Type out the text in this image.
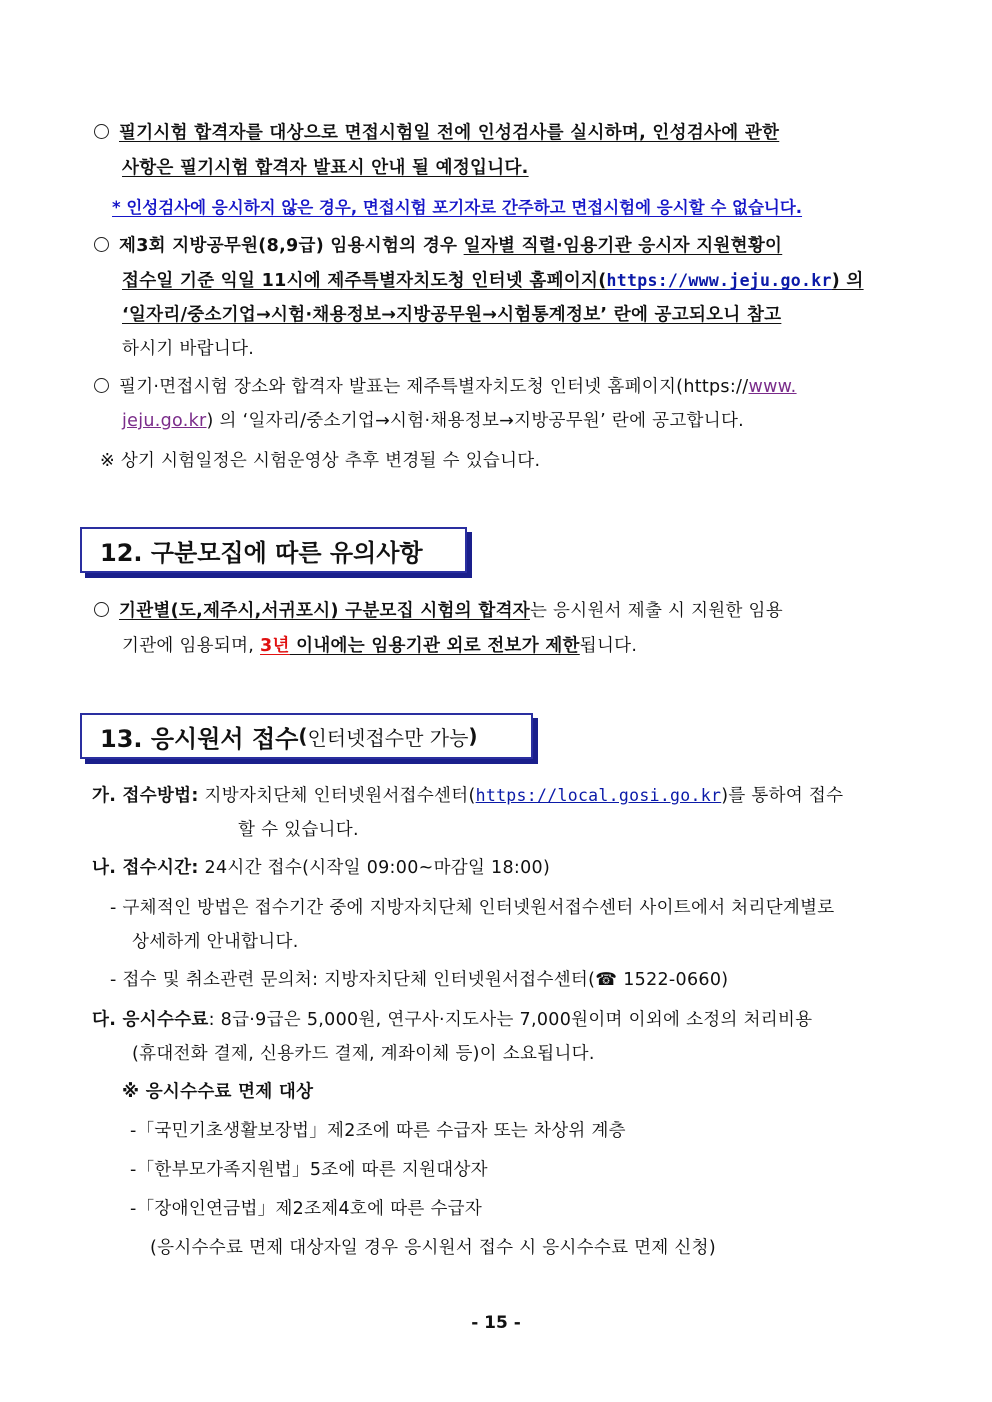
필기시험 합격자를 대상으로 면접시험일 전에 인성검사를 실시하며, 인성검사에 관한
사항은 필기시험 합격자 발표시 안내 될 예정입니다.
* 인성검사에 응시하지 않은 경우, 면접시험 포기자로 간주하고 면접시험에 응시할 수 없습니다.
제3회 지방공무원(8,9급) 임용시험의 경우 일자별 직렬·임용기관 응시자 지원현황이
접수일 기준 익일 11시에 제주특별자치도청 인터넷 홈페이지(https://www.jeju.go.kr) 의
‘일자리/중소기업→시험·채용정보→지방공무원→시험통계정보’ 란에 공고되오니 참고
하시기 바랍니다.
필기·면접시험 장소와 합격자 발표는 제주특별자치도청 인터넷 홈페이지(https://www.
jeju.go.kr) 의 ‘일자리/중소기업→시험·채용정보→지방공무원’ 란에 공고합니다.
※ 상기 시험일정은 시험운영상 추후 변경될 수 있습니다.
12. 구분모집에 따른 유의사항
기관별(도,제주시,서귀포시) 구분모집 시험의 합격자는 응시원서 제출 시 지원한 임용
기관에 임용되며, 3년 이내에는 임용기관 외로 전보가 제한됩니다.
13. 응시원서 접수 ( 인터넷접수만 가능 )
가. 접수방법: 지방자치단체 인터넷원서접수센터(https://local.gosi.go.kr)를 통하여 접수
할 수 있습니다.
나. 접수시간: 24시간 접수(시작일 09:00~마감일 18:00)
- 구체적인 방법은 접수기간 중에 지방자치단체 인터넷원서접수센터 사이트에서 처리단계별로
상세하게 안내합니다.
- 접수 및 취소관련 문의처: 지방자치단체 인터넷원서접수센터(☎ 1522-0660)
다. 응시수수료: 8급·9급은 5,000원, 연구사·지도사는 7,000원이며 이외에 소정의 처리비용
(휴대전화 결제, 신용카드 결제, 계좌이체 등)이 소요됩니다.
※ 응시수수료 면제 대상
-「국민기초생활보장법」제2조에 따른 수급자 또는 차상위 계층
-「한부모가족지원법」5조에 따른 지원대상자
-「장애인연금법」제2조제4호에 따른 수급자
(응시수수료 면제 대상자일 경우 응시원서 접수 시 응시수수료 면제 신청)
- 15 -
